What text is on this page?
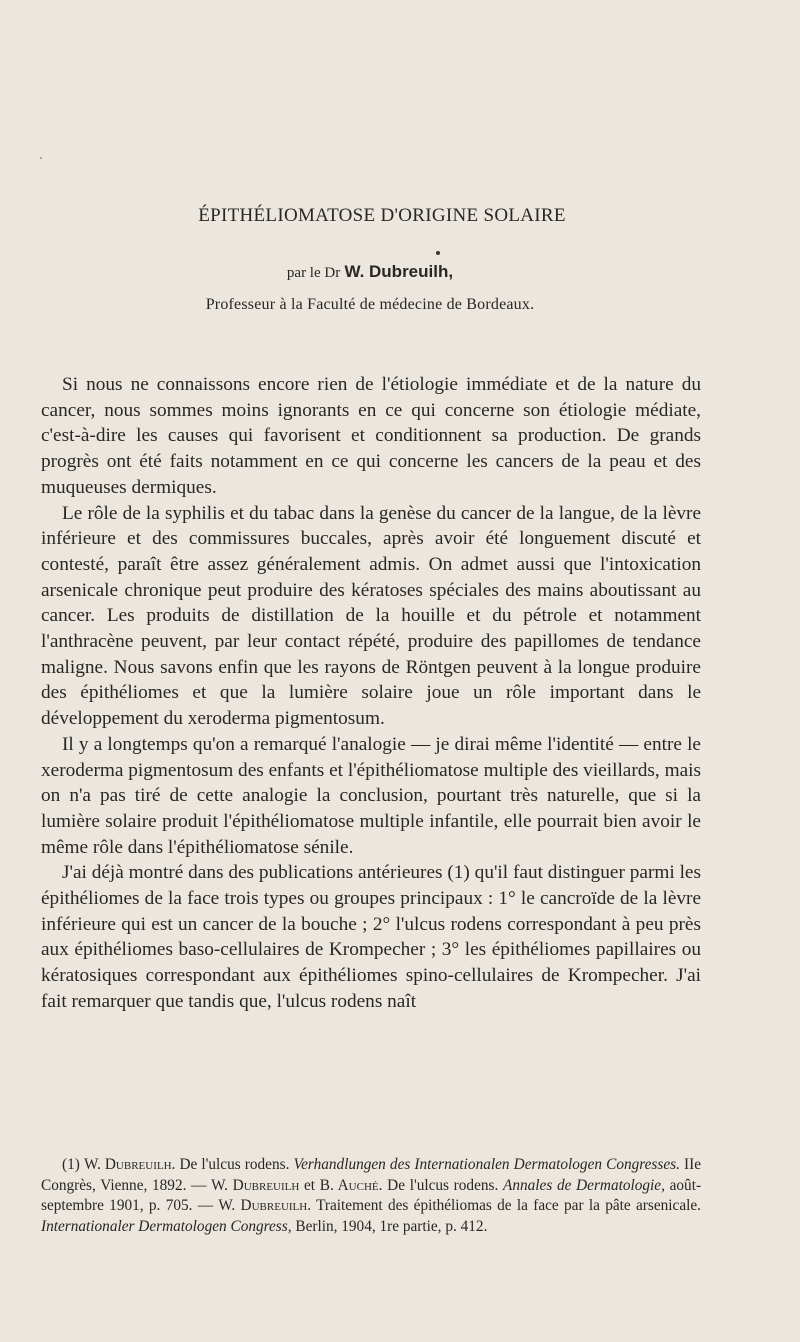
ÉPITHÉLIOMATOSE D'ORIGINE SOLAIRE
par le Dr W. Dubreuilh,
Professeur à la Faculté de médecine de Bordeaux.

Si nous ne connaissons encore rien de l'étiologie immédiate et de la nature du cancer, nous sommes moins ignorants en ce qui concerne son étiologie médiate, c'est-à-dire les causes qui favorisent et conditionnent sa production. De grands progrès ont été faits notamment en ce qui concerne les cancers de la peau et des muqueuses dermiques.

Le rôle de la syphilis et du tabac dans la genèse du cancer de la langue, de la lèvre inférieure et des commissures buccales, après avoir été longuement discuté et contesté, paraît être assez généralement admis. On admet aussi que l'intoxication arsenicale chronique peut produire des kératoses spéciales des mains aboutissant au cancer. Les produits de distillation de la houille et du pétrole et notamment l'anthracène peuvent, par leur contact répété, produire des papillomes de tendance maligne. Nous savons enfin que les rayons de Röntgen peuvent à la longue produire des épithéliomes et que la lumière solaire joue un rôle important dans le développement du xeroderma pigmentosum.

Il y a longtemps qu'on a remarqué l'analogie — je dirai même l'identité — entre le xeroderma pigmentosum des enfants et l'épithéliomatose multiple des vieillards, mais on n'a pas tiré de cette analogie la conclusion, pourtant très naturelle, que si la lumière solaire produit l'épithéliomatose multiple infantile, elle pourrait bien avoir le même rôle dans l'épithéliomatose sénile.

J'ai déjà montré dans des publications antérieures (1) qu'il faut distinguer parmi les épithéliomes de la face trois types ou groupes principaux : 1° le cancroïde de la lèvre inférieure qui est un cancer de la bouche ; 2° l'ulcus rodens correspondant à peu près aux épithéliomes baso-cellulaires de Krompecher ; 3° les épithéliomes papillaires ou kératosiques correspondant aux épithéliomes spino-cellulaires de Krompecher. J'ai fait remarquer que tandis que, l'ulcus rodens naît

(1) W. Dubreuilh. De l'ulcus rodens. Verhandlungen des Internationalen Dermatologen Congresses. IIe Congrès, Vienne, 1892. — W. Dubreuilh et B. Auché. De l'ulcus rodens. Annales de Dermatologie, août-septembre 1901, p. 705. — W. Dubreuilh. Traitement des épithéliomas de la face par la pâte arsenicale. Internationaler Dermatologen Congress, Berlin, 1904, 1re partie, p. 412.
